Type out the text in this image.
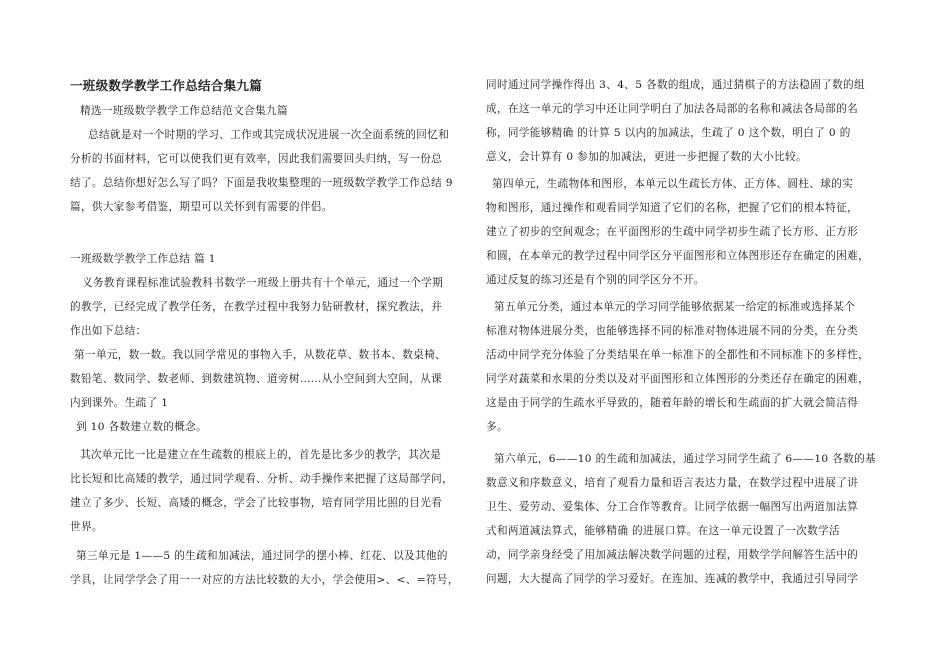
一班级数学教学工作总结合集九篇
精选一班级数学教学工作总结范文合集九篇
总结就是对一个时期的学习、工作或其完成状况进展一次全面系统的回忆和
分析的书面材料，它可以使我们更有效率，因此我们需要回头归纳，写一份总
结了。总结你想好怎么写了吗？下面是我收集整理的一班级数学教学工作总结 9
篇，供大家参考借鉴，期望可以关怀到有需要的伴侣。
一班级数学教学工作总结 篇 1
义务教育课程标准试验教科书数学一班级上册共有十个单元，通过一个学期
的教学，已经完成了教学任务，在教学过程中我努力钻研教材，探究教法，并
作出如下总结：
第一单元，数一数。我以同学常见的事物入手，从数花草、数书本、数桌椅、
数铅笔、数同学、数老师、到数建筑物、道旁树……从小空间到大空间，从课
内到课外。生疏了 1
到 10 各数建立数的概念。
其次单元比一比是建立在生疏数的根底上的，首先是比多少的教学，其次是
比长短和比高矮的教学，通过同学观看、分析、动手操作来把握了这局部学问，
建立了多少、长短、高矮的概念，学会了比较事物，培育同学用比照的目光看
世界。
第三单元是 1——5 的生疏和加减法，通过同学的摆小棒、红花、以及其他的
学具，让同学学会了用一一对应的方法比较数的大小，学会使用>、<、=符号，
同时通过同学操作得出 3、4、5 各数的组成，通过猜棋子的方法稳固了数的组
成，在这一单元的学习中还让同学明白了加法各局部的名称和减法各局部的名
称，同学能够精确 的计算 5 以内的加减法，生疏了 0 这个数，明白了 0 的
意义，会计算有 0 参加的加减法，更进一步把握了数的大小比较。
第四单元，生疏物体和图形，本单元以生疏长方体、正方体、圆柱、球的实
物和图形，通过操作和观看同学知道了它们的名称，把握了它们的根本特征，
建立了初步的空间观念；在平面图形的生疏中同学初步生疏了长方形、正方形
和圆，在本单元的教学过程中同学区分平面图形和立体图形还存在确定的困难，
通过反复的练习还是有个别的同学区分不开。
第五单元分类，通过本单元的学习同学能够依据某一给定的标准或选择某个
标准对物体进展分类，也能够选择不同的标准对物体进展不同的分类，在分类
活动中同学充分体验了分类结果在单一标准下的全都性和不同标准下的多样性，
同学对蔬菜和水果的分类以及对平面图形和立体图形的分类还存在确定的困难，
这是由于同学的生疏水平导致的，随着年龄的增长和生疏面的扩大就会简洁得
多。
第六单元，6——10 的生疏和加减法，通过学习同学生疏了 6——10 各数的基
数意义和序数意义，培育了观看力量和语言表达力量，在数学过程中进展了讲
卫生、爱劳动、爱集体、分工合作等教育。让同学依据一幅图写出两道加法算
式和两道减法算式，能够精确 的进展口算。在这一单元设置了一次数学活
动，同学亲身经受了用加减法解决数学问题的过程，用数学学问解答生活中的
问题，大大提高了同学的学习爱好。在连加、连减的教学中，我通过引导同学
